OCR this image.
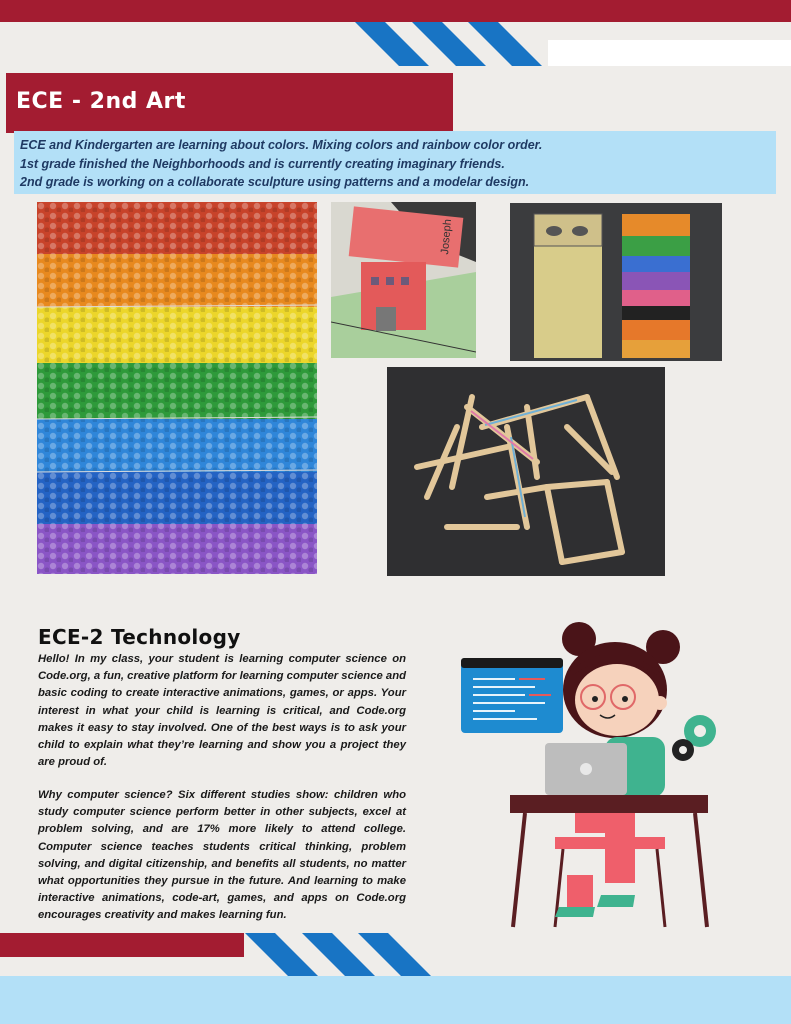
ECE - 2nd Art
ECE and Kindergarten are learning about colors. Mixing colors and rainbow color order.
1st grade finished the Neighborhoods and is currently creating imaginary friends.
2nd grade is working on a collaborate sculpture using patterns and a modelar design.
Joseph
ECE-2 Technology
Hello! In my class, your student is learning computer science on Code.org, a fun, creative platform for learning computer science and basic coding to create interactive animations, games, or apps. Your interest in what your child is learning is critical, and Code.org makes it easy to stay involved. One of the best ways is to ask your child to explain what they’re learning and show you a project they are proud of.
Why computer science? Six different studies show: children who study computer science perform better in other subjects, excel at problem solving, and are 17% more likely to attend college. Computer science teaches students critical thinking, problem solving, and digital citizenship, and benefits all students, no matter what opportunities they pursue in the future. And learning to make interactive animations, code-art, games, and apps on Code.org encourages creativity and makes learning fun.
